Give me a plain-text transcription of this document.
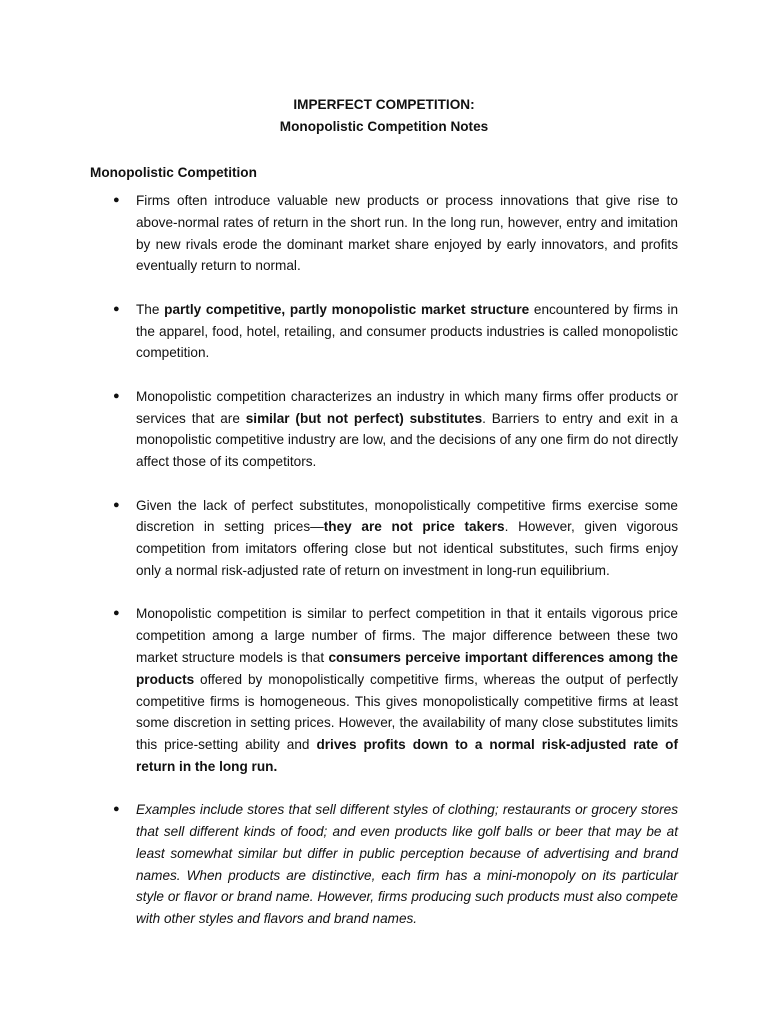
IMPERFECT COMPETITION:
Monopolistic Competition Notes
Monopolistic Competition
● Firms often introduce valuable new products or process innovations that give rise to above-normal rates of return in the short run. In the long run, however, entry and imitation by new rivals erode the dominant market share enjoyed by early innovators, and profits eventually return to normal.
● The partly competitive, partly monopolistic market structure encountered by firms in the apparel, food, hotel, retailing, and consumer products industries is called monopolistic competition.
● Monopolistic competition characterizes an industry in which many firms offer products or services that are similar (but not perfect) substitutes. Barriers to entry and exit in a monopolistic competitive industry are low, and the decisions of any one firm do not directly affect those of its competitors.
● Given the lack of perfect substitutes, monopolistically competitive firms exercise some discretion in setting prices—they are not price takers. However, given vigorous competition from imitators offering close but not identical substitutes, such firms enjoy only a normal risk-adjusted rate of return on investment in long-run equilibrium.
● Monopolistic competition is similar to perfect competition in that it entails vigorous price competition among a large number of firms. The major difference between these two market structure models is that consumers perceive important differences among the products offered by monopolistically competitive firms, whereas the output of perfectly competitive firms is homogeneous. This gives monopolistically competitive firms at least some discretion in setting prices. However, the availability of many close substitutes limits this price-setting ability and drives profits down to a normal risk-adjusted rate of return in the long run.
● Examples include stores that sell different styles of clothing; restaurants or grocery stores that sell different kinds of food; and even products like golf balls or beer that may be at least somewhat similar but differ in public perception because of advertising and brand names. When products are distinctive, each firm has a mini-monopoly on its particular style or flavor or brand name. However, firms producing such products must also compete with other styles and flavors and brand names.
